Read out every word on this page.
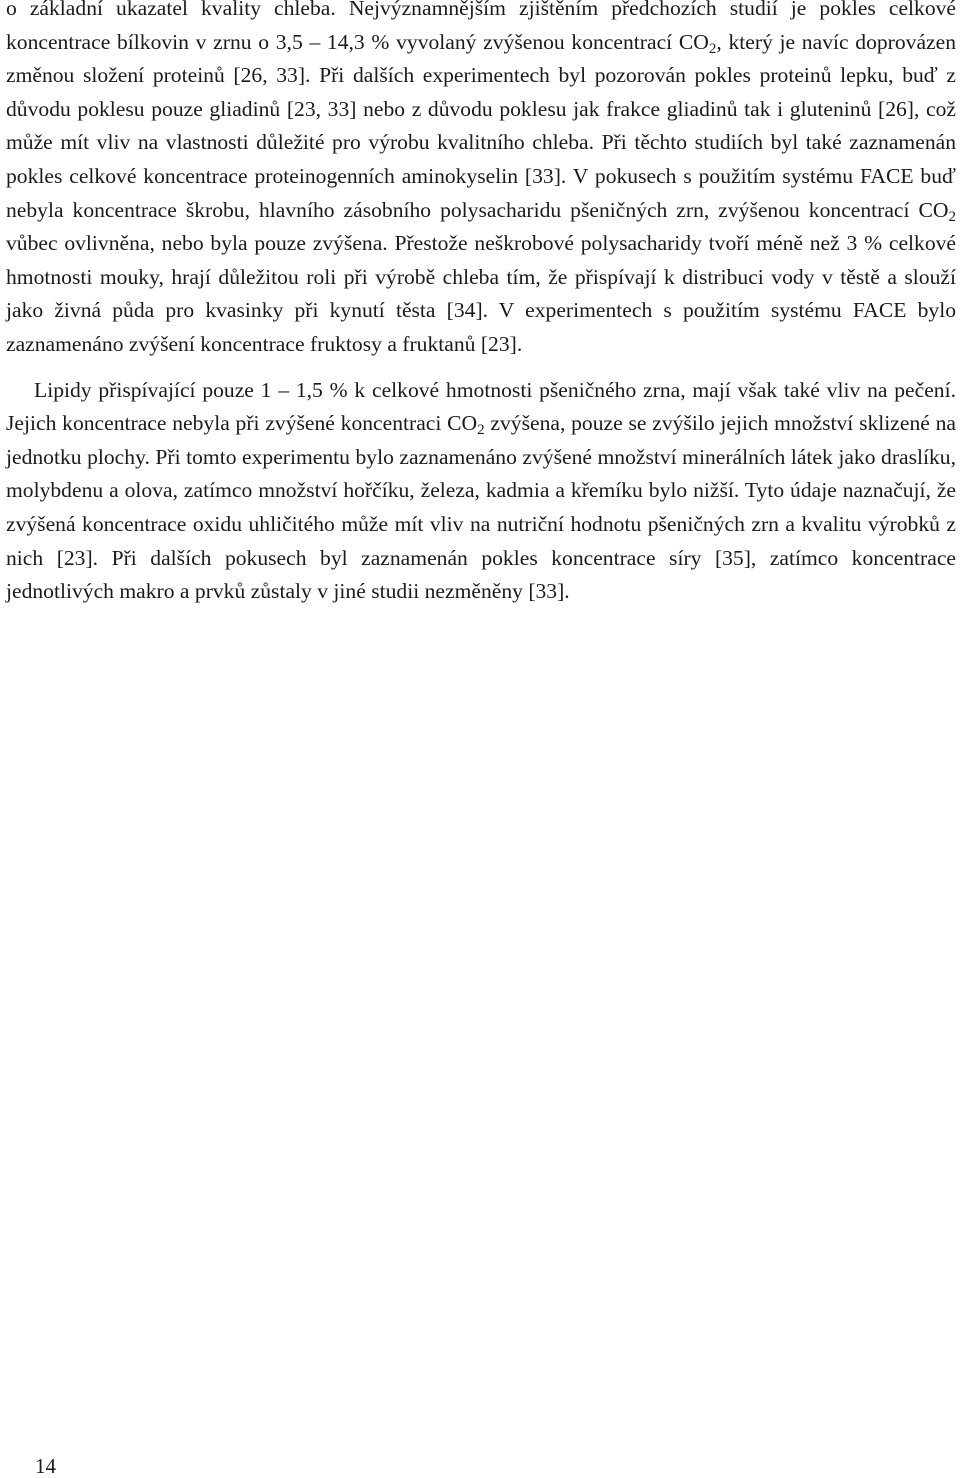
o základní ukazatel kvality chleba. Nejvýznamnějším zjištěním předchozích studií je pokles celkové koncentrace bílkovin v zrnu o 3,5 – 14,3 % vyvolaný zvýšenou koncentrací $CO_2$, který je navíc doprovázen změnou složení proteinů [26, 33]. Při dalších experimentech byl pozorován pokles proteinů lepku, buď z důvodu poklesu pouze gliadinů [23, 33] nebo z důvodu poklesu jak frakce gliadinů tak i gluteninů [26], což může mít vliv na vlastnosti důležité pro výrobu kvalitního chleba. Při těchto studiích byl také zaznamenán pokles celkové koncentrace proteinogenních aminokyselin [33]. V pokusech s použitím systému FACE buď nebyla koncentrace škrobu, hlavního zásobního polysacharidu pšeničných zrn, zvýšenou koncentrací $CO_2$ vůbec ovlivněna, nebo byla pouze zvýšena. Přestože neškrobové polysacharidy tvoří méně než 3 % celkové hmotnosti mouky, hrají důležitou roli při výrobě chleba tím, že přispívají k distribuci vody v těstě a slouží jako živná půda pro kvasinky při kynutí těsta [34]. V experimentech s použitím systému FACE bylo zaznamenáno zvýšení koncentrace fruktosy a fruktanů [23].

Lipidy přispívající pouze 1 – 1,5 % k celkové hmotnosti pšeničného zrna, mají však také vliv na pečení. Jejich koncentrace nebyla při zvýšené koncentraci $CO_2$ zvýšena, pouze se zvýšilo jejich množství sklizené na jednotku plochy. Při tomto experimentu bylo zaznamenáno zvýšené množství minerálních látek jako draslíku, molybdenu a olova, zatímco množství hořčíku, železa, kadmia a křemíku bylo nižší. Tyto údaje naznačují, že zvýšená koncentrace oxidu uhličitého může mít vliv na nutriční hodnotu pšeničných zrn a kvalitu výrobků z nich [23]. Při dalších pokusech byl zaznamenán pokles koncentrace síry [35], zatímco koncentrace jednotlivých makro a prvků zůstaly v jiné studii nezměněny [33].

14
